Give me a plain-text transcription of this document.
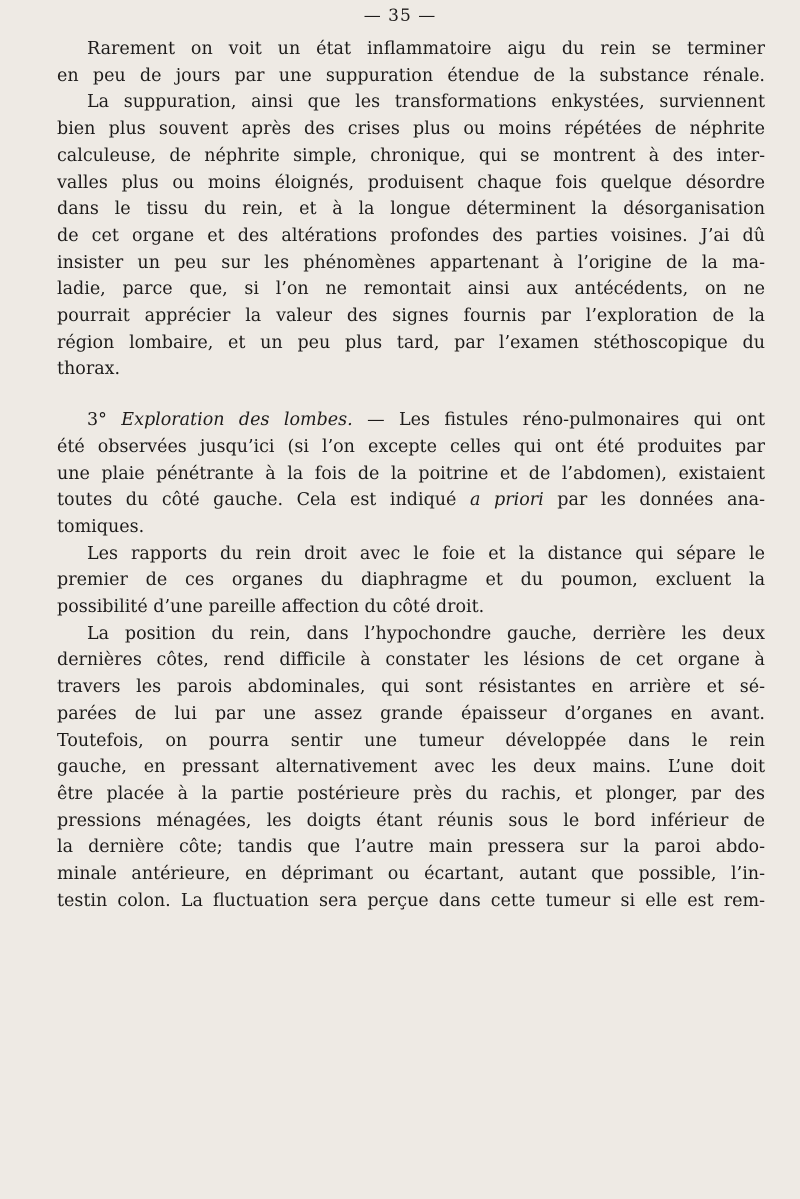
— 35 —
Rarement on voit un état inflammatoire aigu du rein se terminer
en peu de jours par une suppuration étendue de la substance rénale.
La suppuration, ainsi que les transformations enkystées, surviennent
bien plus souvent après des crises plus ou moins répétées de néphrite
calculeuse, de néphrite simple, chronique, qui se montrent à des inter-
valles plus ou moins éloignés, produisent chaque fois quelque désordre
dans le tissu du rein, et à la longue déterminent la désorganisation
de cet organe et des altérations profondes des parties voisines. J’ai dû
insister un peu sur les phénomènes appartenant à l’origine de la ma-
ladie, parce que, si l’on ne remontait ainsi aux antécédents, on ne
pourrait apprécier la valeur des signes fournis par l’exploration de la
région lombaire, et un peu plus tard, par l’examen stéthoscopique du
thorax.
3° Exploration des lombes. — Les fistules réno-pulmonaires qui ont
été observées jusqu’ici (si l’on excepte celles qui ont été produites par
une plaie pénétrante à la fois de la poitrine et de l’abdomen), existaient
toutes du côté gauche. Cela est indiqué a priori par les données ana-
tomiques.
Les rapports du rein droit avec le foie et la distance qui sépare le
premier de ces organes du diaphragme et du poumon, excluent la
possibilité d’une pareille affection du côté droit.
La position du rein, dans l’hypochondre gauche, derrière les deux
dernières côtes, rend difficile à constater les lésions de cet organe à
travers les parois abdominales, qui sont résistantes en arrière et sé-
parées de lui par une assez grande épaisseur d’organes en avant.
Toutefois, on pourra sentir une tumeur développée dans le rein
gauche, en pressant alternativement avec les deux mains. L’une doit
être placée à la partie postérieure près du rachis, et plonger, par des
pressions ménagées, les doigts étant réunis sous le bord inférieur de
la dernière côte; tandis que l’autre main pressera sur la paroi abdo-
minale antérieure, en déprimant ou écartant, autant que possible, l’in-
testin colon. La fluctuation sera perçue dans cette tumeur si elle est rem-
